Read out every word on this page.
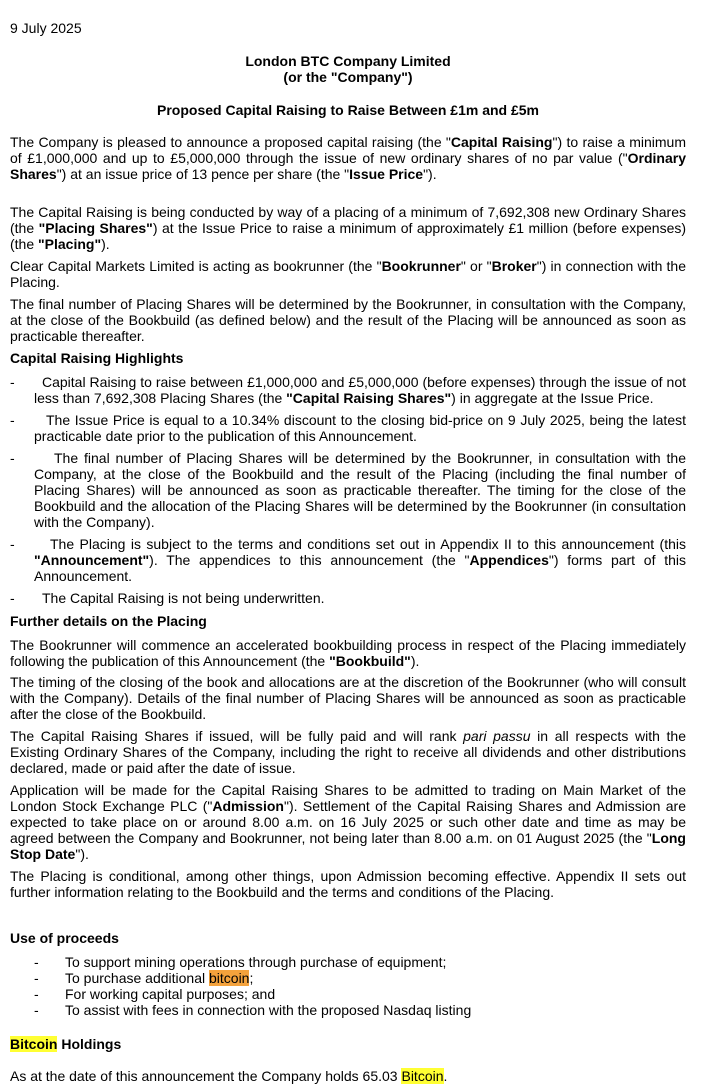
9 July 2025
London BTC Company Limited
(or the "Company")
Proposed Capital Raising to Raise Between £1m and £5m

The Company is pleased to announce a proposed capital raising (the "Capital Raising") to raise a minimum of £1,000,000 and up to £5,000,000 through the issue of new ordinary shares of no par value ("Ordinary Shares") at an issue price of 13 pence per share (the "Issue Price").

The Capital Raising is being conducted by way of a placing of a minimum of 7,692,308 new Ordinary Shares (the "Placing Shares") at the Issue Price to raise a minimum of approximately £1 million (before expenses) (the "Placing").

Clear Capital Markets Limited is acting as bookrunner (the "Bookrunner" or "Broker") in connection with the Placing.

The final number of Placing Shares will be determined by the Bookrunner, in consultation with the Company, at the close of the Bookbuild (as defined below) and the result of the Placing will be announced as soon as practicable thereafter.

Capital Raising Highlights
-	Capital Raising to raise between £1,000,000 and £5,000,000 (before expenses) through the issue of not less than 7,692,308 Placing Shares (the "Capital Raising Shares") in aggregate at the Issue Price.

-	The Issue Price is equal to a 10.34% discount to the closing bid-price on 9 July 2025, being the latest practicable date prior to the publication of this Announcement.

-	The final number of Placing Shares will be determined by the Bookrunner, in consultation with the Company, at the close of the Bookbuild and the result of the Placing (including the final number of Placing Shares) will be announced as soon as practicable thereafter. The timing for the close of the Bookbuild and the allocation of the Placing Shares will be determined by the Bookrunner (in consultation with the Company).

-	The Placing is subject to the terms and conditions set out in Appendix II to this announcement (this "Announcement"). The appendices to this announcement (the "Appendices") forms part of this Announcement.

-	The Capital Raising is not being underwritten.

Further details on the Placing

The Bookrunner will commence an accelerated bookbuilding process in respect of the Placing immediately following the publication of this Announcement (the "Bookbuild").

The timing of the closing of the book and allocations are at the discretion of the Bookrunner (who will consult with the Company). Details of the final number of Placing Shares will be announced as soon as practicable after the close of the Bookbuild.

The Capital Raising Shares if issued, will be fully paid and will rank pari passu in all respects with the Existing Ordinary Shares of the Company, including the right to receive all dividends and other distributions declared, made or paid after the date of issue.

Application will be made for the Capital Raising Shares to be admitted to trading on Main Market of the London Stock Exchange PLC ("Admission"). Settlement of the Capital Raising Shares and Admission are expected to take place on or around 8.00 a.m. on 16 July 2025 or such other date and time as may be agreed between the Company and Bookrunner, not being later than 8.00 a.m. on 01 August 2025 (the "Long Stop Date").

The Placing is conditional, among other things, upon Admission becoming effective. Appendix II sets out further information relating to the Bookbuild and the terms and conditions of the Placing.

Use of proceeds
- To support mining operations through purchase of equipment;
- To purchase additional bitcoin;
- For working capital purposes; and
- To assist with fees in connection with the proposed Nasdaq listing
Bitcoin Holdings
As at the date of this announcement the Company holds 65.03 Bitcoin.
